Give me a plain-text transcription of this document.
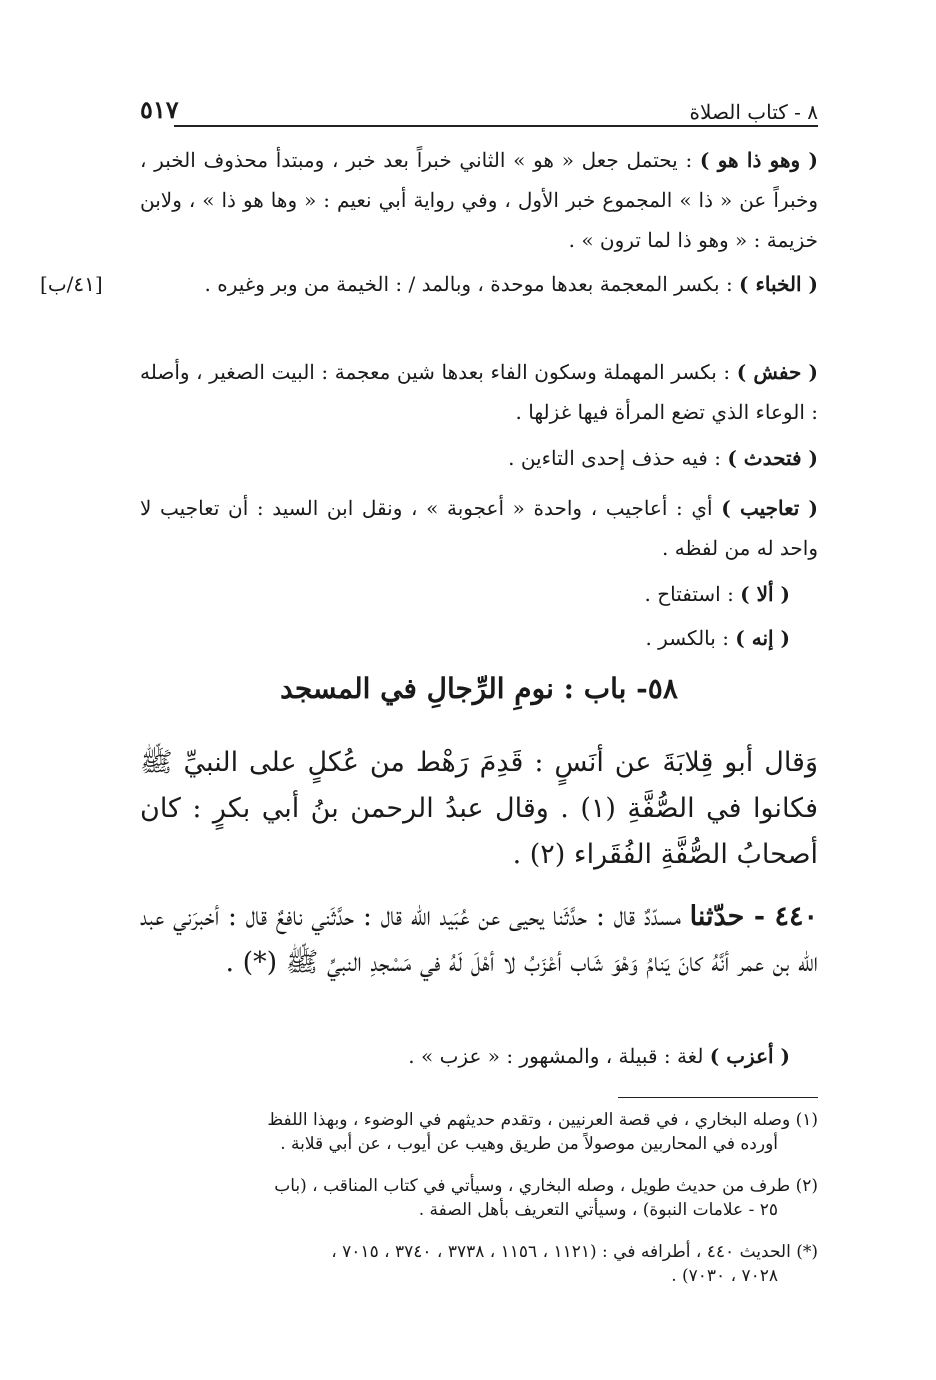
٨ - كتاب الصلاة
٥١٧
( وهو ذا هو ) : يحتمل جعل « هو » الثاني خبراً بعد خبر ، ومبتدأ محذوف الخبر ، وخبراً عن « ذا » المجموع خبر الأول ، وفي رواية أبي نعيم : « وها هو ذا » ، ولابن خزيمة : « وهو ذا لما ترون » .
( الخباء ) : بكسر المعجمة بعدها موحدة ، وبالمد / : الخيمة من وبر وغيره .
[٤١/ب]
( حفش ) : بكسر المهملة وسكون الفاء بعدها شين معجمة : البيت الصغير ، وأصله : الوعاء الذي تضع المرأة فيها غزلها .
( فتحدث ) : فيه حذف إحدى التاءين .
( تعاجيب ) أي : أعاجيب ، واحدة « أعجوبة » ، ونقل ابن السيد : أن تعاجيب لا واحد له من لفظه .
( ألا ) : استفتاح .
( إنه ) : بالكسر .
٥٨- باب : نومِ الرِّجالِ في المسجد
وَقال أبو قِلابَةَ عن أنَسٍ : قَدِمَ رَهْط من عُكلٍ على النبيِّ ﷺ فكانوا في الصُّفَّةِ (١) . وقال عبدُ الرحمن بنُ أبي بكرٍ : كان أصحابُ الصُّفَّةِ الفُقَراء (٢) .
٤٤٠ - حدّثنا مسدّدٌ قال : حدَّثَنا يحيى عن عُبَيد الله قال : حدَّثَني نافعٌ قال : أخبرَني عبد الله بن عمر أنَّهُ كانَ يَنامُ وَهْوَ شَاب أعْزَبُ لا أهْلَ لَهُ في مَسْجدِ النبيِّ ﷺ (*) .
( أعزب ) لغة : قبيلة ، والمشهور : « عزب » .
(١) وصله البخاري ، في قصة العرنيين ، وتقدم حديثهم في الوضوء ، وبهذا اللفظ
أورده في المحاربين موصولاً من طريق وهيب عن أيوب ، عن أبي قلابة .
(٢) طرف من حديث طويل ، وصله البخاري ، وسيأتي في كتاب المناقب ، (باب
٢٥ - علامات النبوة) ، وسيأتي التعريف بأهل الصفة .
(*) الحديث ٤٤٠ ، أطرافه في : (١١٢١ ، ١١٥٦ ، ٣٧٣٨ ، ٣٧٤٠ ، ٧٠١٥ ،
٧٠٢٨ ، ٧٠٣٠) .
